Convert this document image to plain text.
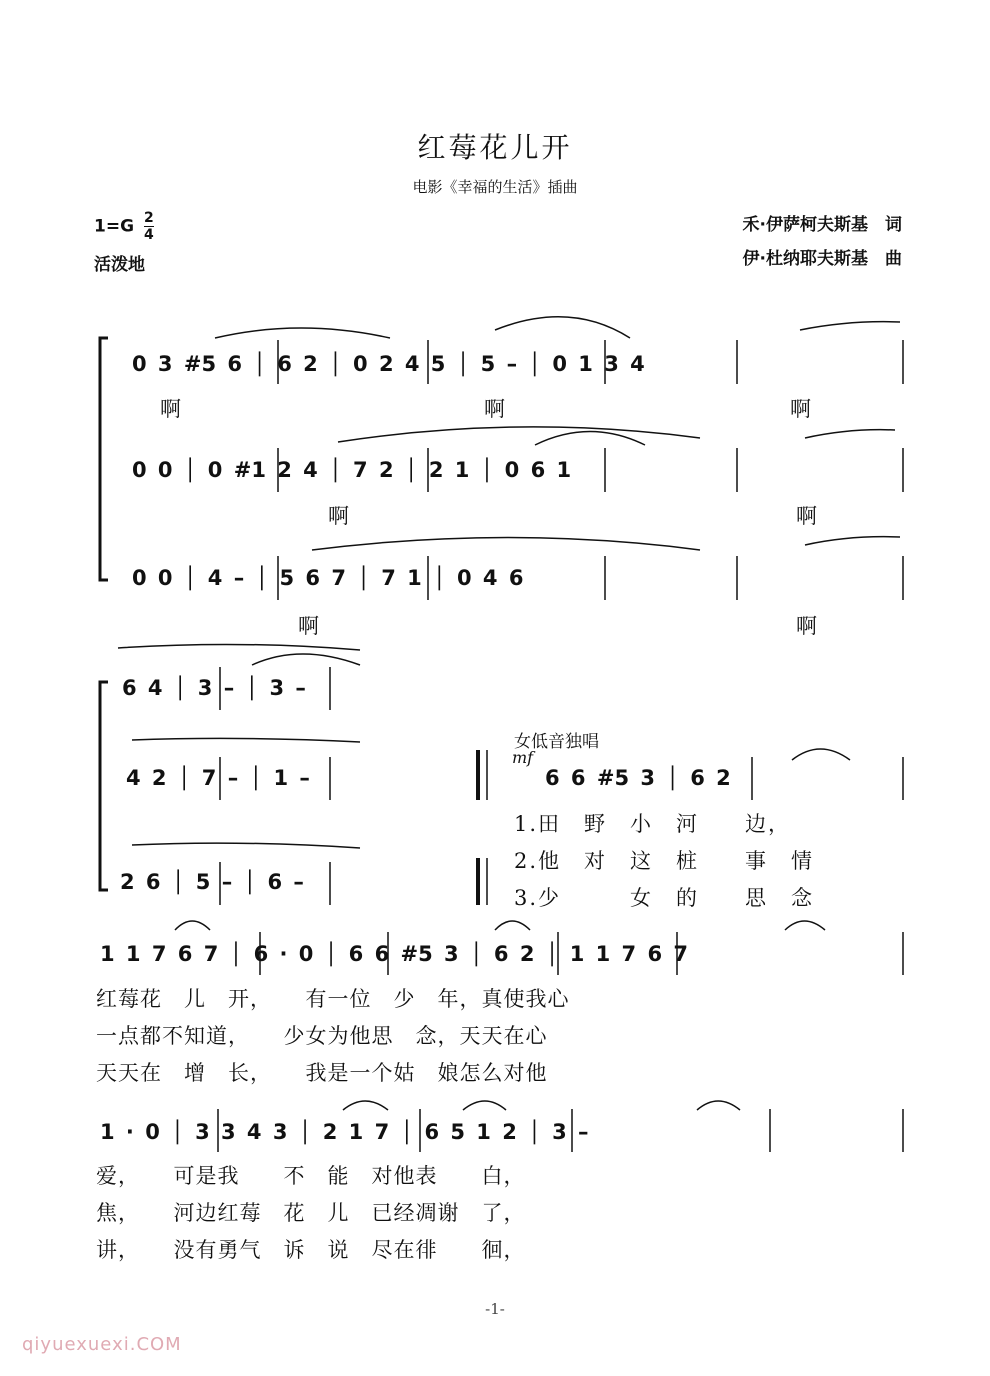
红莓花儿开
电影《幸福的生活》插曲
$1=G \frac{2}{4}$
活泼地
禾·伊萨柯夫斯基　词
伊·杜纳耶夫斯基　曲
0 3 #5 6 │ 6 2 │ 0 2 4 5 │ 5 – │ 0 1 3 4
啊	啊	啊
0 0 │ 0 #1 2 4 │ 7 2 │ 2 1 │ 0 6 1
啊	啊
0 0 │ 4 – │ 5 6 7 │ 7 1 │ 0 4 6
啊	啊
6 4 │ 3 – │ 3 –
4 2 │ 7 – │ 1 –
2 6 │ 5 – │ 6 –
女低音独唱
mf
6 6 #5 3 │ 6 2
1.田　野　小　河　　边，
2.他　对　这　桩　　事　情
3.少　　　女　的　　思　念
1 1 7 6 7 │ 6 · 0 │ 6 6 #5 3 │ 6 2 │ 1 1 7 6 7
红莓花　儿　开，　　有一位　少　年，真使我心
一点都不知道，　　少女为他思　念，天天在心
天天在　增　长，　　我是一个姑　娘怎么对他
1 · 0 │ 3 3 4 3 │ 2 1 7 │ 6 5 1 2 │ 3 –
爱，　　可是我　　不　能　对他表　　白，
焦，　　河边红莓　花　儿　已经凋谢　了，
讲，　　没有勇气　诉　说　尽在徘　　徊，
-1-
qiyuexuexi.COM
